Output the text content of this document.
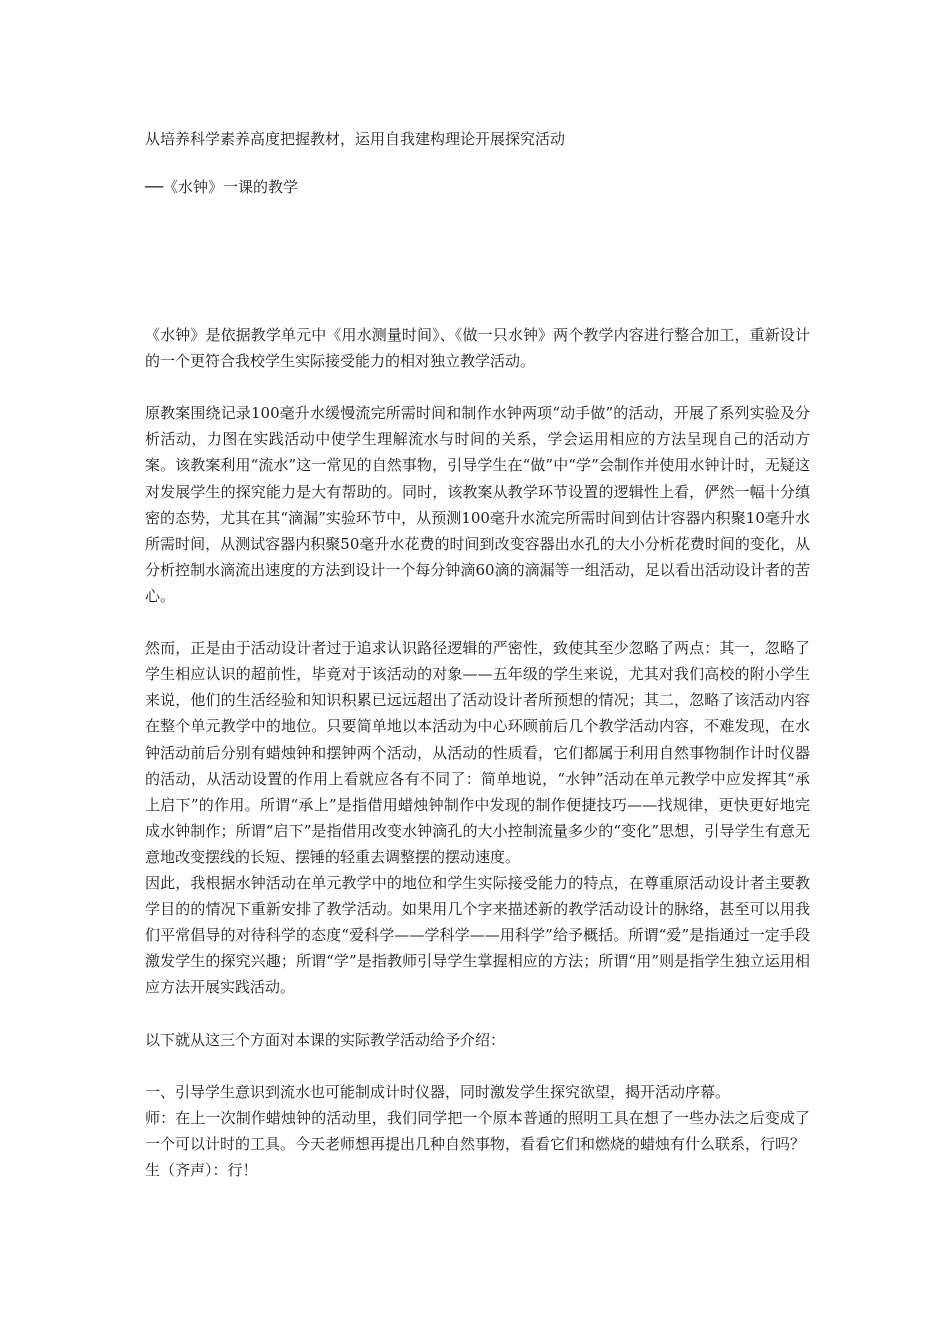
从培养科学素养高度把握教材，运用自我建构理论开展探究活动
──《水钟》一课的教学

《水钟》是依据教学单元中《用水测量时间》、《做一只水钟》两个教学内容进行整合加工，重新设计的一个更符合我校学生实际接受能力的相对独立教学活动。

原教案围绕记录100毫升水缓慢流完所需时间和制作水钟两项“动手做”的活动，开展了系列实验及分析活动，力图在实践活动中使学生理解流水与时间的关系，学会运用相应的方法呈现自己的活动方案。该教案利用“流水”这一常见的自然事物，引导学生在“做”中“学”会制作并使用水钟计时，无疑这对发展学生的探究能力是大有帮助的。同时，该教案从教学环节设置的逻辑性上看，俨然一幅十分缜密的态势，尤其在其“滴漏”实验环节中，从预测100毫升水流完所需时间到估计容器内积聚10毫升水所需时间，从测试容器内积聚50毫升水花费的时间到改变容器出水孔的大小分析花费时间的变化，从分析控制水滴流出速度的方法到设计一个每分钟滴60滴的滴漏等一组活动，足以看出活动设计者的苦心。

然而，正是由于活动设计者过于追求认识路径逻辑的严密性，致使其至少忽略了两点：其一，忽略了学生相应认识的超前性，毕竟对于该活动的对象——五年级的学生来说，尤其对我们高校的附小学生来说，他们的生活经验和知识积累已远远超出了活动设计者所预想的情况；其二，忽略了该活动内容在整个单元教学中的地位。只要简单地以本活动为中心环顾前后几个教学活动内容，不难发现，在水钟活动前后分别有蜡烛钟和摆钟两个活动，从活动的性质看，它们都属于利用自然事物制作计时仪器的活动，从活动设置的作用上看就应各有不同了：简单地说，“水钟”活动在单元教学中应发挥其“承上启下”的作用。所谓“承上”是指借用蜡烛钟制作中发现的制作便捷技巧——找规律，更快更好地完成水钟制作；所谓“启下”是指借用改变水钟滴孔的大小控制流量多少的“变化”思想，引导学生有意无意地改变摆线的长短、摆锤的轻重去调整摆的摆动速度。

因此，我根据水钟活动在单元教学中的地位和学生实际接受能力的特点，在尊重原活动设计者主要教学目的的情况下重新安排了教学活动。如果用几个字来描述新的教学活动设计的脉络，甚至可以用我们平常倡导的对待科学的态度“爱科学——学科学——用科学”给予概括。所谓“爱”是指通过一定手段激发学生的探究兴趣；所谓“学”是指教师引导学生掌握相应的方法；所谓“用”则是指学生独立运用相应方法开展实践活动。

以下就从这三个方面对本课的实际教学活动给予介绍：

一、引导学生意识到流水也可能制成计时仪器，同时激发学生探究欲望，揭开活动序幕。

师：在上一次制作蜡烛钟的活动里，我们同学把一个原本普通的照明工具在想了一些办法之后变成了一个可以计时的工具。今天老师想再提出几种自然事物，看看它们和燃烧的蜡烛有什么联系，行吗？

生（齐声）：行！
